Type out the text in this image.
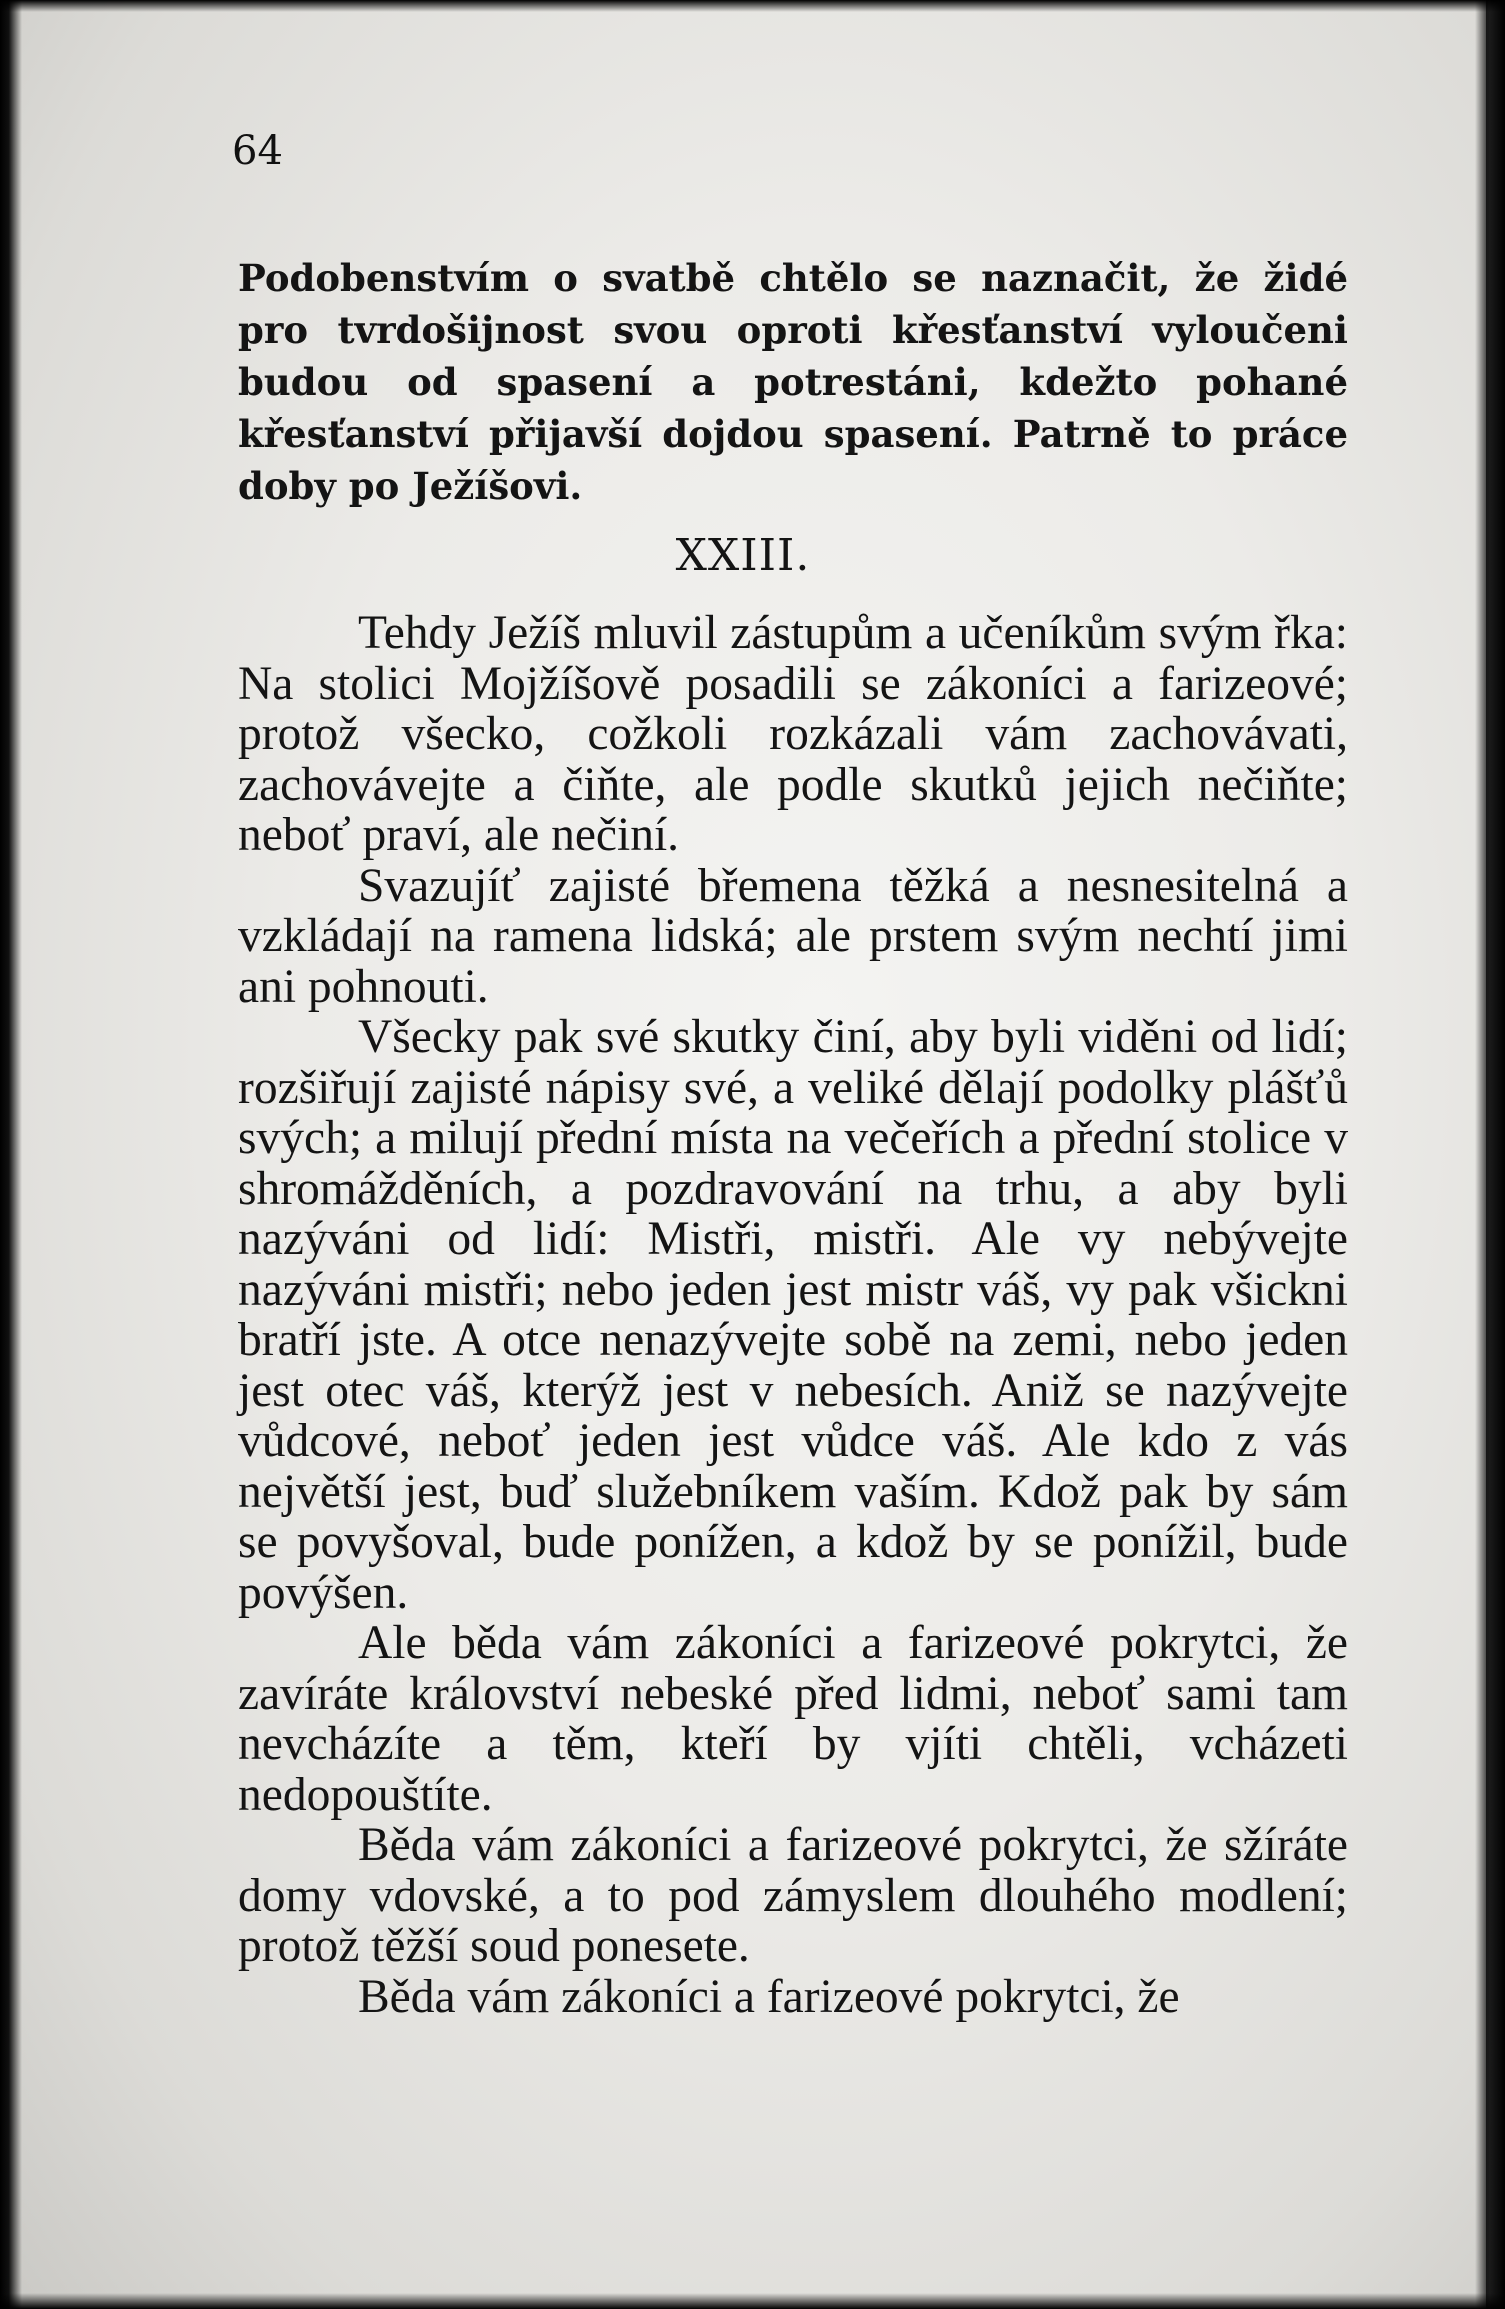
64

Podobenstvím o svatbě chtělo se naznačit, že židé pro tvrdošijnost svou oproti křesťanství vyloučeni budou od spasení a potrestáni, kdežto pohané křesťanství přijavší dojdou spasení. Patrně to práce doby po Ježíšovi.

XXIII.

Tehdy Ježíš mluvil zástupům a učeníkům svým řka: Na stolici Mojžíšově posadili se zákoníci a farizeové; protož všecko, cožkoli rozkázali vám zachovávati, zachovávejte a čiňte, ale podle skutků jejich nečiňte; neboť praví, ale nečiní.

Svazujíť zajisté břemena těžká a nesnesitelná a vzkládají na ramena lidská; ale prstem svým nechtí jimi ani pohnouti.

Všecky pak své skutky činí, aby byli viděni od lidí; rozšiřují zajisté nápisy své, a veliké dělají podolky plášťů svých; a milují přední místa na večeřích a přední stolice v shromážděních, a pozdravování na trhu, a aby byli nazýváni od lidí: Mistři, mistři. Ale vy nebývejte nazýváni mistři; nebo jeden jest mistr váš, vy pak všickni bratří jste. A otce nenazývejte sobě na zemi, nebo jeden jest otec váš, kterýž jest v nebesích. Aniž se nazývejte vůdcové, neboť jeden jest vůdce váš. Ale kdo z vás největší jest, buď služebníkem vaším. Kdož pak by sám se povyšoval, bude ponížen, a kdož by se ponížil, bude povýšen.

Ale běda vám zákoníci a farizeové pokrytci, že zavíráte království nebeské před lidmi, neboť sami tam nevcházíte a těm, kteří by vjíti chtěli, vcházeti nedopouštíte.

Běda vám zákoníci a farizeové pokrytci, že sžíráte domy vdovské, a to pod zámyslem dlouhého modlení; protož těžší soud ponesete.

Běda vám zákoníci a farizeové pokrytci, že
